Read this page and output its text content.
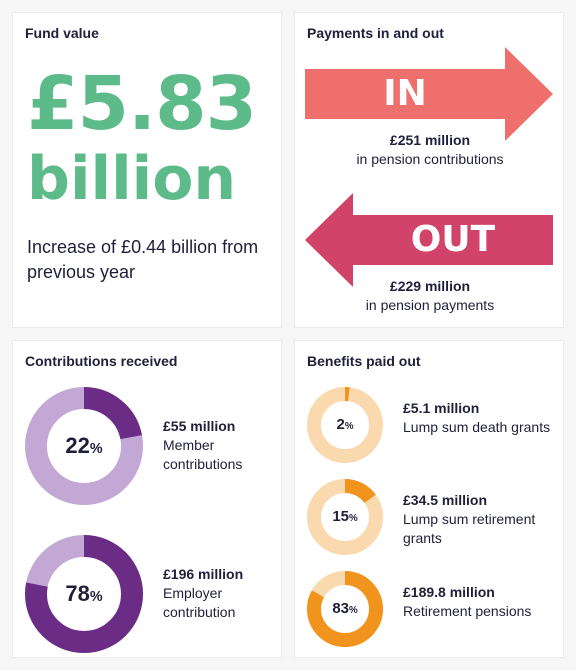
Fund value
£5.83
billion
Increase of £0.44 billion from previous year
Payments in and out
IN
£251 million
in pension contributions
OUT
£229 million
in pension payments
Contributions received
22%
£55 million
Member contributions
78%
£196 million
Employer contribution
Benefits paid out
2%
£5.1 million
Lump sum death grants
15%
£34.5 million
Lump sum retirement grants
83%
£189.8 million
Retirement pensions
